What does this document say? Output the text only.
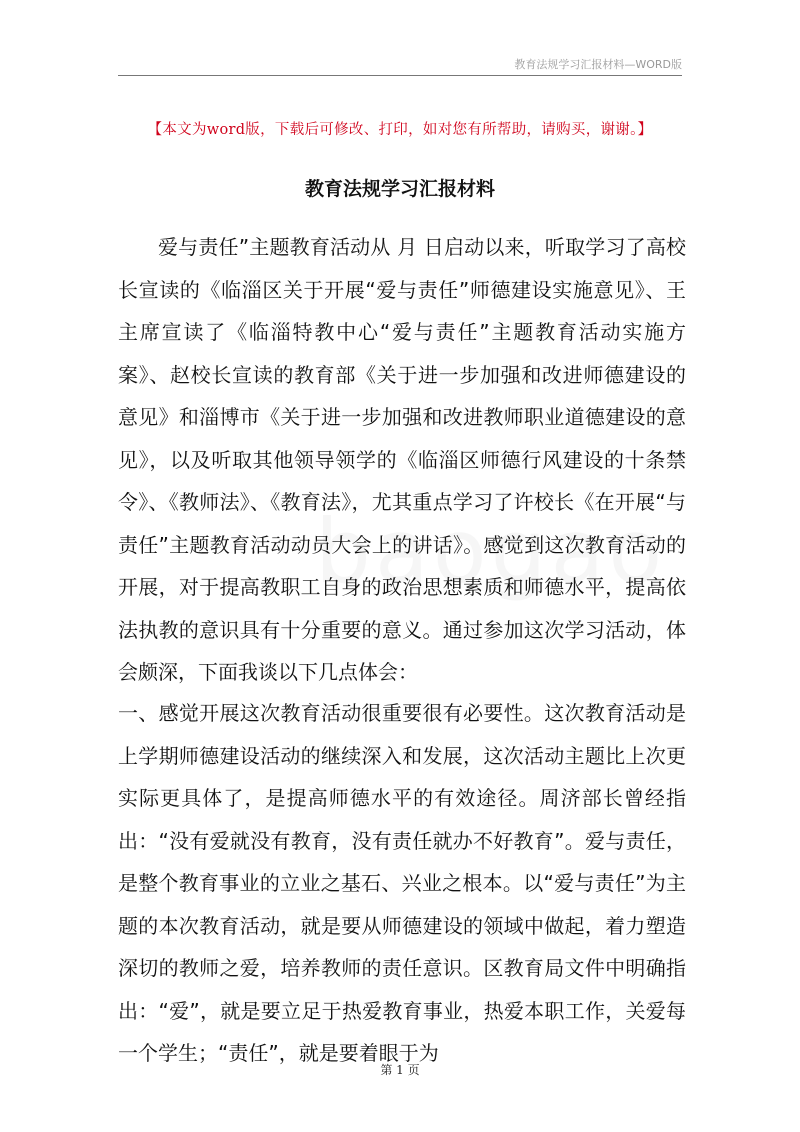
教育法规学习汇报材料—WORD版
【本文为word版，下载后可修改、打印，如对您有所帮助，请购买，谢谢。】
教育法规学习汇报材料
爱与责任”主题教育活动从 月 日启动以来，听取学习了高校长宣读的《临淄区关于开展“爱与责任”师德建设实施意见》、王主席宣读了《临淄特教中心“爱与责任”主题教育活动实施方案》、赵校长宣读的教育部《关于进一步加强和改进师德建设的意见》和淄博市《关于进一步加强和改进教师职业道德建设的意见》，以及听取其他领导领学的《临淄区师德行风建设的十条禁令》、《教师法》、《教育法》，尤其重点学习了许校长《在开展“与责任”主题教育活动动员大会上的讲话》。感觉到这次教育活动的开展，对于提高教职工自身的政治思想素质和师德水平，提高依法执教的意识具有十分重要的意义。通过参加这次学习活动，体会颇深，下面我谈以下几点体会：
一、感觉开展这次教育活动很重要很有必要性。这次教育活动是上学期师德建设活动的继续深入和发展，这次活动主题比上次更实际更具体了，是提高师德水平的有效途径。周济部长曾经指出：“没有爱就没有教育，没有责任就办不好教育”。爱与责任，是整个教育事业的立业之基石、兴业之根本。以“爱与责任”为主题的本次教育活动，就是要从师德建设的领域中做起，着力塑造深切的教师之爱，培养教师的责任意识。区教育局文件中明确指出：“爱”，就是要立足于热爱教育事业，热爱本职工作，关爱每一个学生；“责任”，就是要着眼于为
第 1 页
